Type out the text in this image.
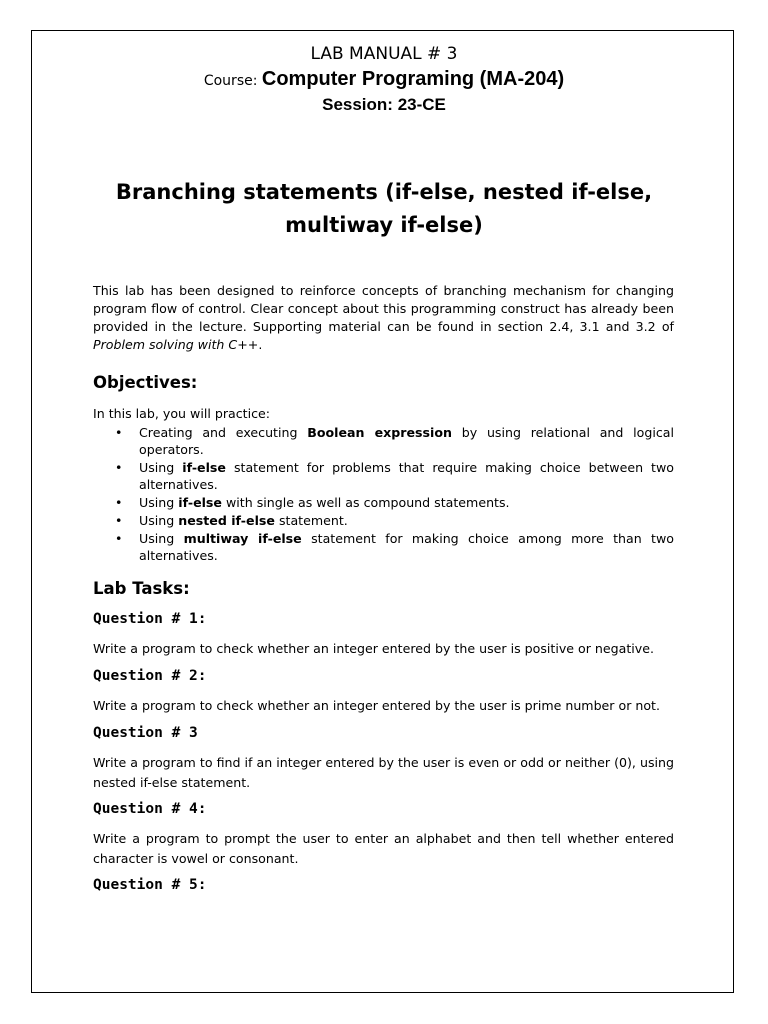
LAB MANUAL # 3
Course: Computer Programing (MA-204)
Session: 23-CE
Branching statements (if-else, nested if-else, multiway if-else)
This lab has been designed to reinforce concepts of branching mechanism for changing program flow of control. Clear concept about this programming construct has already been provided in the lecture. Supporting material can be found in section 2.4, 3.1 and 3.2 of Problem solving with C++.
Objectives:
In this lab, you will practice:
• Creating and executing Boolean expression by using relational and logical operators.
• Using if-else statement for problems that require making choice between two alternatives.
• Using if-else with single as well as compound statements.
• Using nested if-else statement.
• Using multiway if-else statement for making choice among more than two alternatives.
Lab Tasks:
Question # 1:
Write a program to check whether an integer entered by the user is positive or negative.
Question # 2:
Write a program to check whether an integer entered by the user is prime number or not.
Question # 3
Write a program to find if an integer entered by the user is even or odd or neither (0), using nested if-else statement.
Question # 4:
Write a program to prompt the user to enter an alphabet and then tell whether entered character is vowel or consonant.
Question # 5:
